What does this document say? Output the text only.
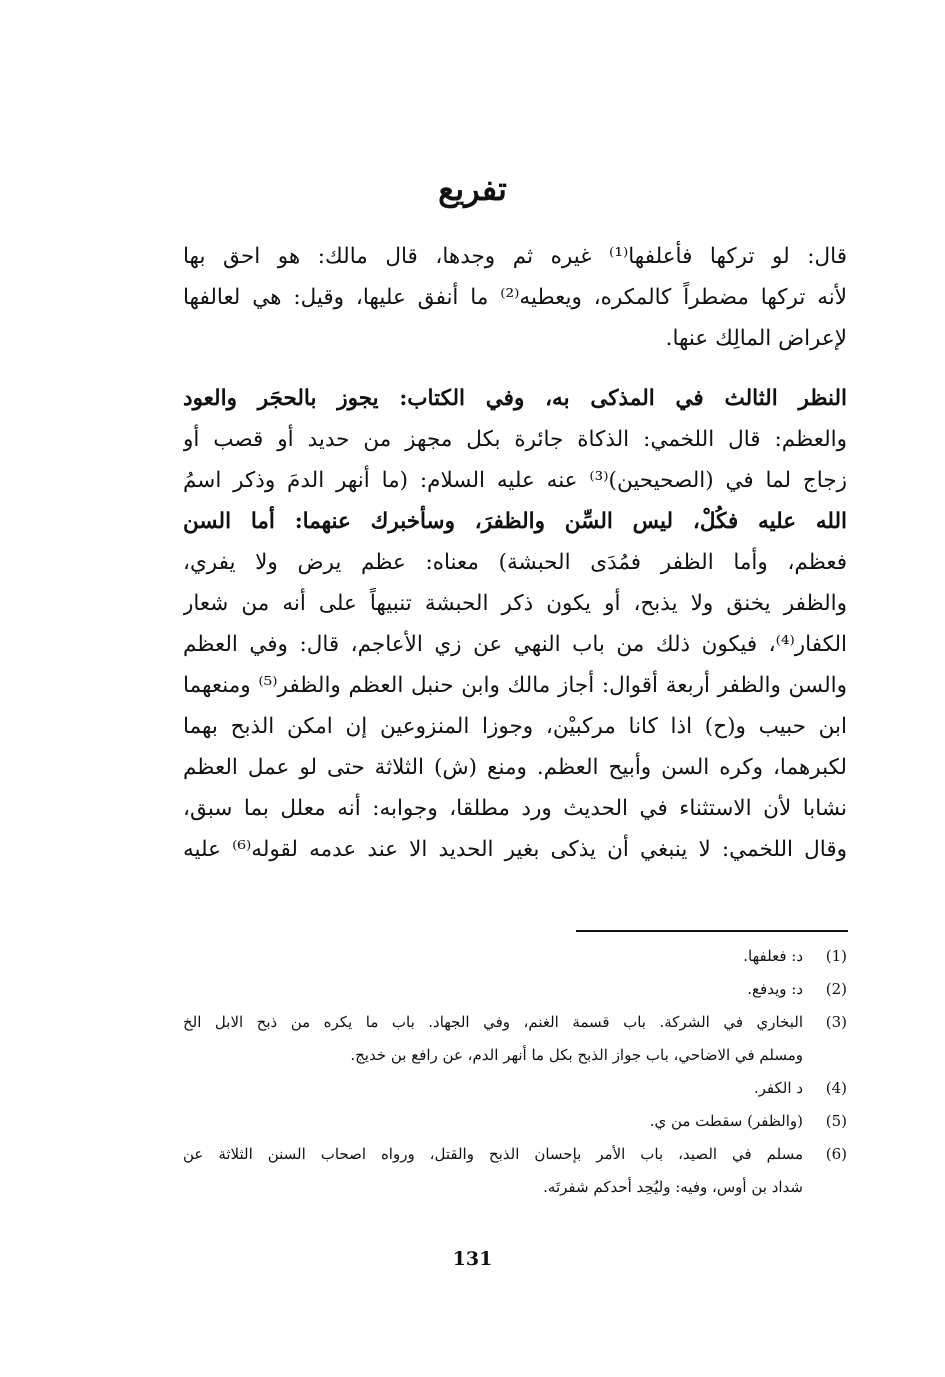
تفريع
قال: لو تركها فأعلفها⁽¹⁾ غيره ثم وجدها، قال مالك: هو احق بها
لأنه تركها مضطراً كالمكره، ويعطيه⁽²⁾ ما أنفق عليها، وقيل: هي لعالفها
لإعراض المالِك عنها.
النظر الثالث في المذكى به، وفي الكتاب: يجوز بالحجَر والعود
والعظم: قال اللخمي: الذكاة جائرة بكل مجهز من حديد أو قصب أو
زجاج لما في (الصحيحين)⁽³⁾ عنه عليه السلام: (ما أنهر الدمَ وذكر اسمُ
الله عليه فكُلْ، ليس السِّن والظفرَ، وسأخبرك عنهما: أما السن
فعظم، وأما الظفر فمُدَى الحبشة) معناه: عظم يرض ولا يفري،
والظفر يخنق ولا يذبح، أو يكون ذكر الحبشة تنبيهاً على أنه من شعار
الكفار⁽⁴⁾، فيكون ذلك من باب النهي عن زي الأعاجم، قال: وفي العظم
والسن والظفر أربعة أقوال: أجاز مالك وابن حنبل العظم والظفر⁽⁵⁾ ومنعهما
ابن حبيب و(ح) اذا كانا مركبيْن، وجوزا المنزوعين إن امكن الذبح بهما
لكبرهما، وكره السن وأبيح العظم. ومنع (ش) الثلاثة حتى لو عمل العظم
نشابا لأن الاستثناء في الحديث ورد مطلقا، وجوابه: أنه معلل بما سبق،
وقال اللخمي: لا ينبغي أن يذكى بغير الحديد الا عند عدمه لقوله⁽⁶⁾ عليه
(1)
د: فعلفها.
(2)
د: ويدفع.
(3)
البخاري في الشركة. باب قسمة الغنم، وفي الجهاد. باب ما يكره من ذبح الابل الخ
ومسلم في الاضاحي، باب جواز الذبح بكل ما أنهر الدم، عن رافع بن خديج.
(4)
د الكفر.
(5)
(والظفر) سقطت من ي.
(6)
مسلم في الصيد، باب الأمر بإحسان الذبح والقتل، ورواه اصحاب السنن الثلاثة عن
شداد بن أوس، وفيه: وليُحِد أحدكم شفرتَه.
131
